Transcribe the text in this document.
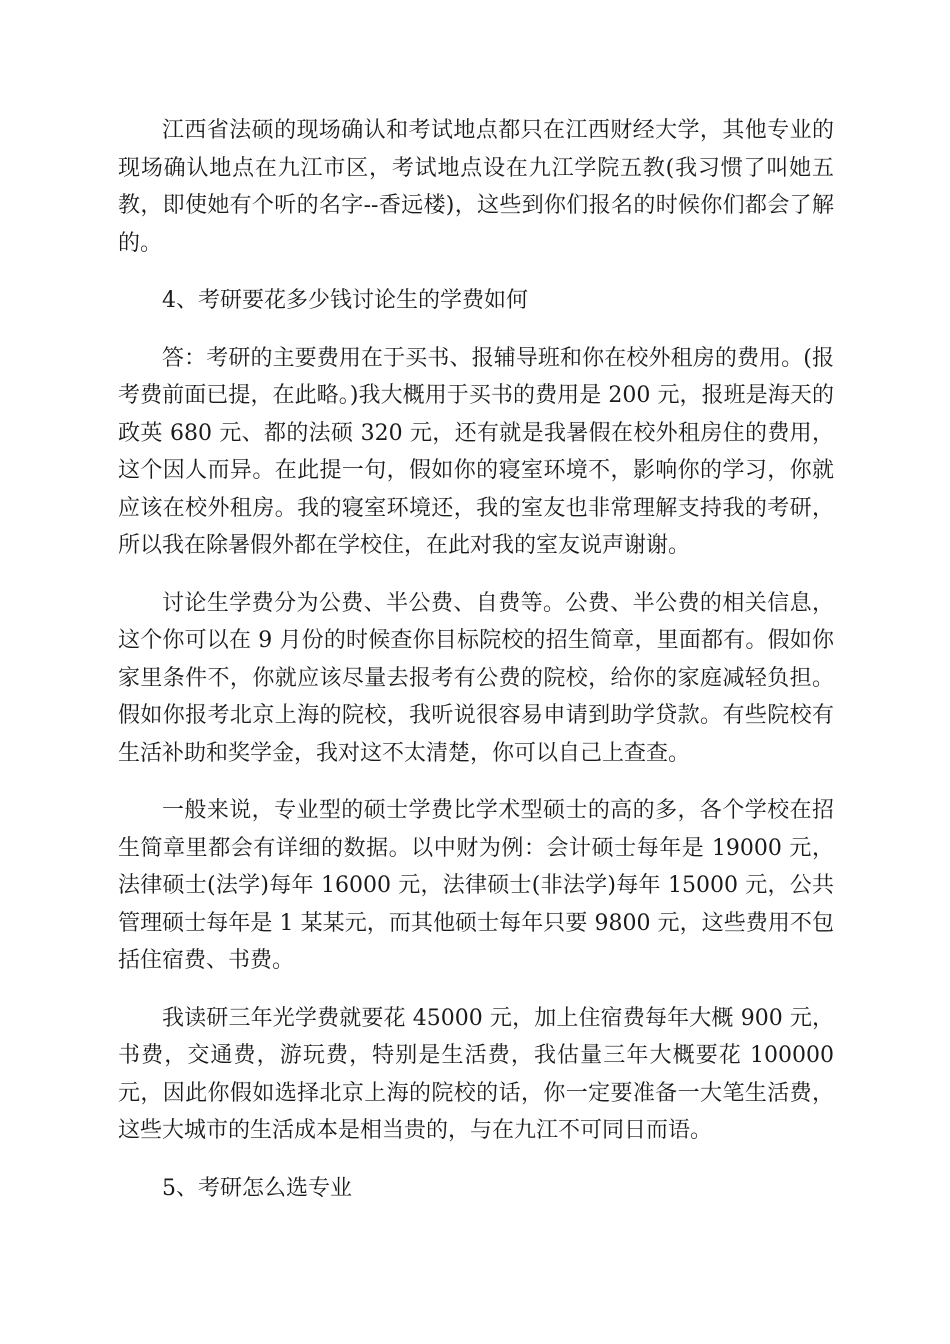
江西省法硕的现场确认和考试地点都只在江西财经大学，其他专业的现场确认地点在九江市区，考试地点设在九江学院五教(我习惯了叫她五教，即使她有个听的名字--香远楼)，这些到你们报名的时候你们都会了解的。

4、考研要花多少钱讨论生的学费如何

答：考研的主要费用在于买书、报辅导班和你在校外租房的费用。(报考费前面已提，在此略。)我大概用于买书的费用是 200 元，报班是海天的政英 680 元、都的法硕 320 元，还有就是我暑假在校外租房住的费用，这个因人而异。在此提一句，假如你的寝室环境不，影响你的学习，你就应该在校外租房。我的寝室环境还，我的室友也非常理解支持我的考研，所以我在除暑假外都在学校住，在此对我的室友说声谢谢。

讨论生学费分为公费、半公费、自费等。公费、半公费的相关信息，这个你可以在 9 月份的时候查你目标院校的招生简章，里面都有。假如你家里条件不，你就应该尽量去报考有公费的院校，给你的家庭减轻负担。假如你报考北京上海的院校，我听说很容易申请到助学贷款。有些院校有生活补助和奖学金，我对这不太清楚，你可以自己上查查。

一般来说，专业型的硕士学费比学术型硕士的高的多，各个学校在招生简章里都会有详细的数据。以中财为例：会计硕士每年是 19000 元，法律硕士(法学)每年 16000 元，法律硕士(非法学)每年 15000 元，公共管理硕士每年是 1 某某元，而其他硕士每年只要 9800 元，这些费用不包括住宿费、书费。

我读研三年光学费就要花 45000 元，加上住宿费每年大概 900 元，书费，交通费，游玩费，特别是生活费，我估量三年大概要花 100000 元，因此你假如选择北京上海的院校的话，你一定要准备一大笔生活费，这些大城市的生活成本是相当贵的，与在九江不可同日而语。

5、考研怎么选专业
